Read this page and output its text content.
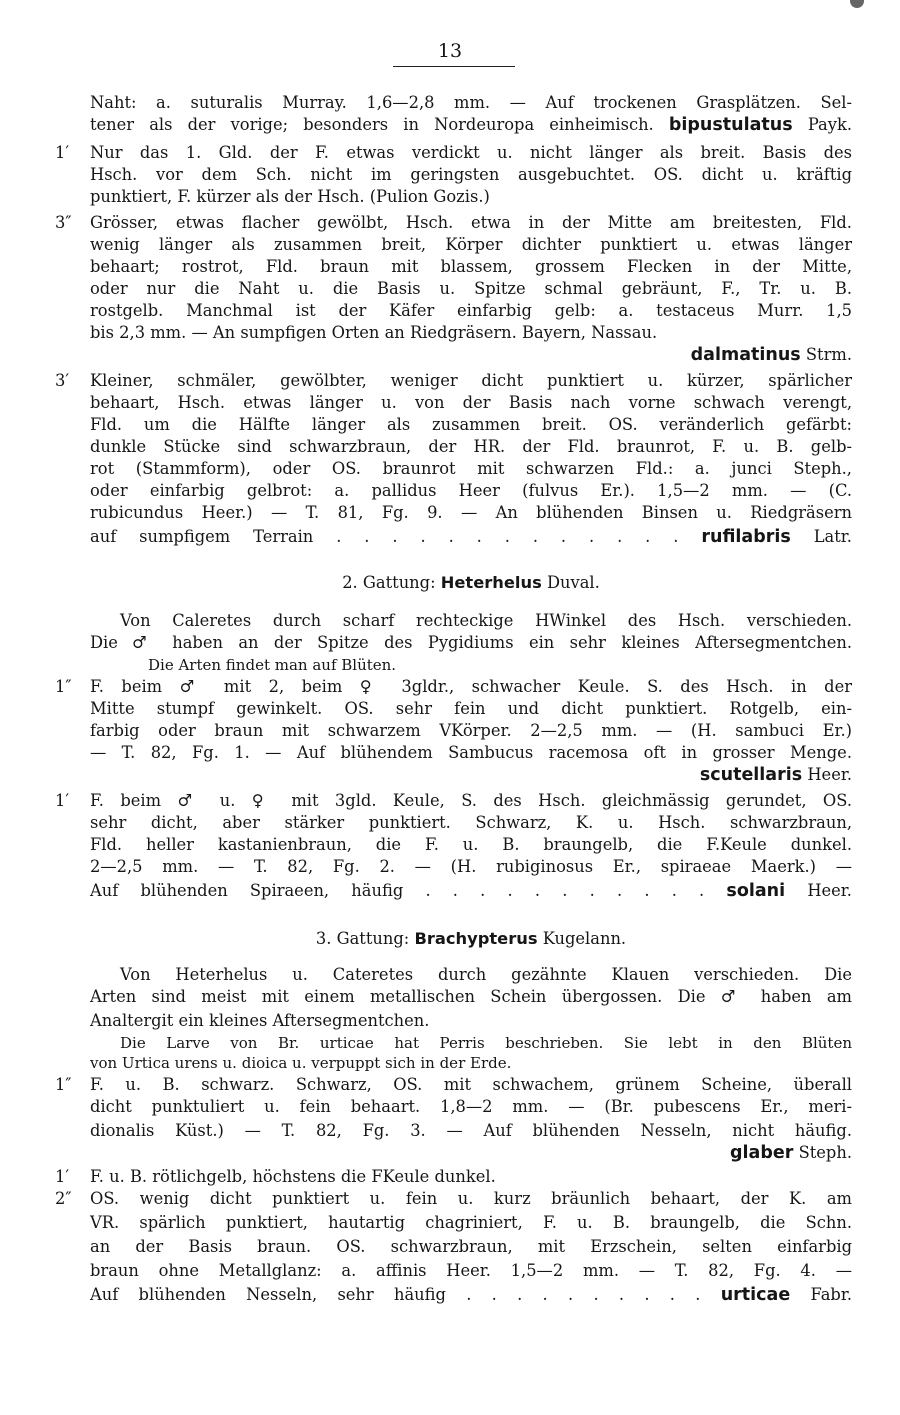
13
Naht: a. suturalis Murray. 1,6—2,8 mm. — Auf trockenen Grasplätzen. Sel-
tener als der vorige; besonders in Nordeuropa einheimisch. bipustulatus Payk.
1′	Nur das 1. Gld. der F. etwas verdickt u. nicht länger als breit. Basis des
Hsch. vor dem Sch. nicht im geringsten ausgebuchtet. OS. dicht u. kräftig
punktiert, F. kürzer als der Hsch. (Pulion Gozis.)
3″	Grösser, etwas flacher gewölbt, Hsch. etwa in der Mitte am breitesten, Fld.
wenig länger als zusammen breit, Körper dichter punktiert u. etwas länger
behaart; rostrot, Fld. braun mit blassem, grossem Flecken in der Mitte,
oder nur die Naht u. die Basis u. Spitze schmal gebräunt, F., Tr. u. B.
rostgelb. Manchmal ist der Käfer einfarbig gelb: a. testaceus Murr. 1,5
bis 2,3 mm. — An sumpfigen Orten an Riedgräsern. Bayern, Nassau.
dalmatinus Strm.
3′	Kleiner, schmäler, gewölbter, weniger dicht punktiert u. kürzer, spärlicher
behaart, Hsch. etwas länger u. von der Basis nach vorne schwach verengt,
Fld. um die Hälfte länger als zusammen breit. OS. veränderlich gefärbt:
dunkle Stücke sind schwarzbraun, der HR. der Fld. braunrot, F. u. B. gelb-
rot (Stammform), oder OS. braunrot mit schwarzen Fld.: a. junci Steph.,
oder einfarbig gelbrot: a. pallidus Heer (fulvus Er.). 1,5—2 mm. — (C.
rubicundus Heer.) — T. 81, Fg. 9. — An blühenden Binsen u. Riedgräsern
auf sumpfigem Terrain . . . . . . . . . . . . . rufilabris Latr.
2. Gattung: Heterhelus Duval.
Von Caleretes durch scharf rechteckige HWinkel des Hsch. verschieden.
Die ♂ haben an der Spitze des Pygidiums ein sehr kleines Aftersegmentchen.
Die Arten findet man auf Blüten.
1″	F. beim ♂ mit 2, beim ♀ 3gldr., schwacher Keule. S. des Hsch. in der
Mitte stumpf gewinkelt. OS. sehr fein und dicht punktiert. Rotgelb, ein-
farbig oder braun mit schwarzem VKörper. 2—2,5 mm. — (H. sambuci Er.)
— T. 82, Fg. 1. — Auf blühendem Sambucus racemosa oft in grosser Menge.
scutellaris Heer.
1′	F. beim ♂ u. ♀ mit 3gld. Keule, S. des Hsch. gleichmässig gerundet, OS.
sehr dicht, aber stärker punktiert. Schwarz, K. u. Hsch. schwarzbraun,
Fld. heller kastanienbraun, die F. u. B. braungelb, die F.Keule dunkel.
2—2,5 mm. — T. 82, Fg. 2. — (H. rubiginosus Er., spiraeae Maerk.) —
Auf blühenden Spiraeen, häufig . . . . . . . . . . . solani Heer.
3. Gattung: Brachypterus Kugelann.
Von Heterhelus u. Cateretes durch gezähnte Klauen verschieden. Die
Arten sind meist mit einem metallischen Schein übergossen. Die ♂ haben am
Analtergit ein kleines Aftersegmentchen.
Die Larve von Br. urticae hat Perris beschrieben. Sie lebt in den Blüten
von Urtica urens u. dioica u. verpuppt sich in der Erde.
1″	F. u. B. schwarz. Schwarz, OS. mit schwachem, grünem Scheine, überall
dicht punktuliert u. fein behaart. 1,8—2 mm. — (Br. pubescens Er., meri-
dionalis Küst.) — T. 82, Fg. 3. — Auf blühenden Nesseln, nicht häufig.
glaber Steph.
1′	F. u. B. rötlichgelb, höchstens die FKeule dunkel.
2″	OS. wenig dicht punktiert u. fein u. kurz bräunlich behaart, der K. am
VR. spärlich punktiert, hautartig chagriniert, F. u. B. braungelb, die Schn.
an der Basis braun. OS. schwarzbraun, mit Erzschein, selten einfarbig
braun ohne Metallglanz: a. affinis Heer. 1,5—2 mm. — T. 82, Fg. 4. —
Auf blühenden Nesseln, sehr häufig . . . . . . . . . . urticae Fabr.
